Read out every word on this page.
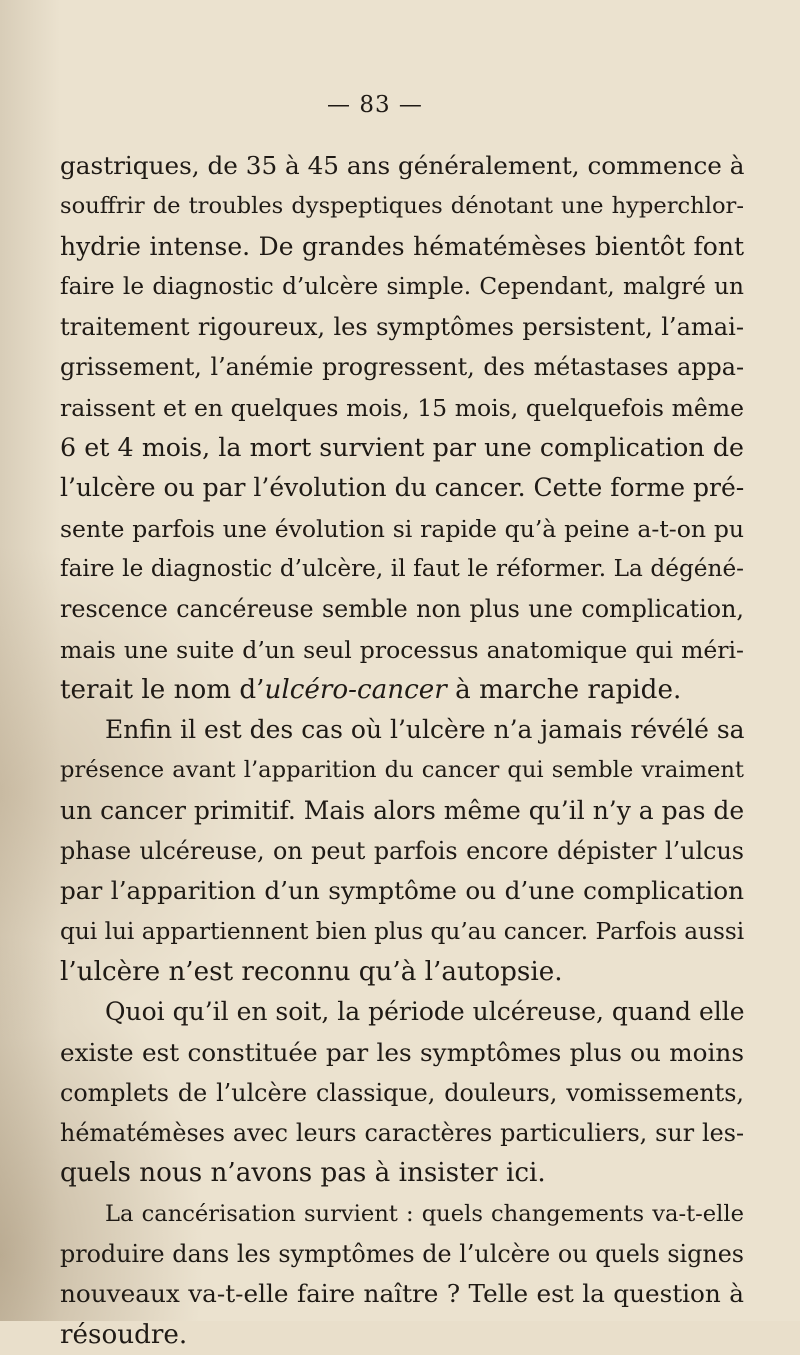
— 83 —
gastriques, de 35 à 45 ans généralement, commence à
souffrir de troubles dyspeptiques dénotant une hyperchlor-
hydrie intense. De grandes hématémèses bientôt font
faire le diagnostic d’ulcère simple. Cependant, malgré un
traitement rigoureux, les symptômes persistent, l’amai-
grissement, l’anémie progressent, des métastases appa-
raissent et en quelques mois, 15 mois, quelquefois même
6 et 4 mois, la mort survient par une complication de
l’ulcère ou par l’évolution du cancer. Cette forme pré-
sente parfois une évolution si rapide qu’à peine a-t-on pu
faire le diagnostic d’ulcère, il faut le réformer. La dégéné-
rescence cancéreuse semble non plus une complication,
mais une suite d’un seul processus anatomique qui méri-
terait le nom d’ulcéro-cancer à marche rapide.
Enfin il est des cas où l’ulcère n’a jamais révélé sa
présence avant l’apparition du cancer qui semble vraiment
un cancer primitif. Mais alors même qu’il n’y a pas de
phase ulcéreuse, on peut parfois encore dépister l’ulcus
par l’apparition d’un symptôme ou d’une complication
qui lui appartiennent bien plus qu’au cancer. Parfois aussi
l’ulcère n’est reconnu qu’à l’autopsie.
Quoi qu’il en soit, la période ulcéreuse, quand elle
existe est constituée par les symptômes plus ou moins
complets de l’ulcère classique, douleurs, vomissements,
hématémèses avec leurs caractères particuliers, sur les-
quels nous n’avons pas à insister ici.
La cancérisation survient : quels changements va-t-elle
produire dans les symptômes de l’ulcère ou quels signes
nouveaux va-t-elle faire naître ? Telle est la question à
résoudre.
